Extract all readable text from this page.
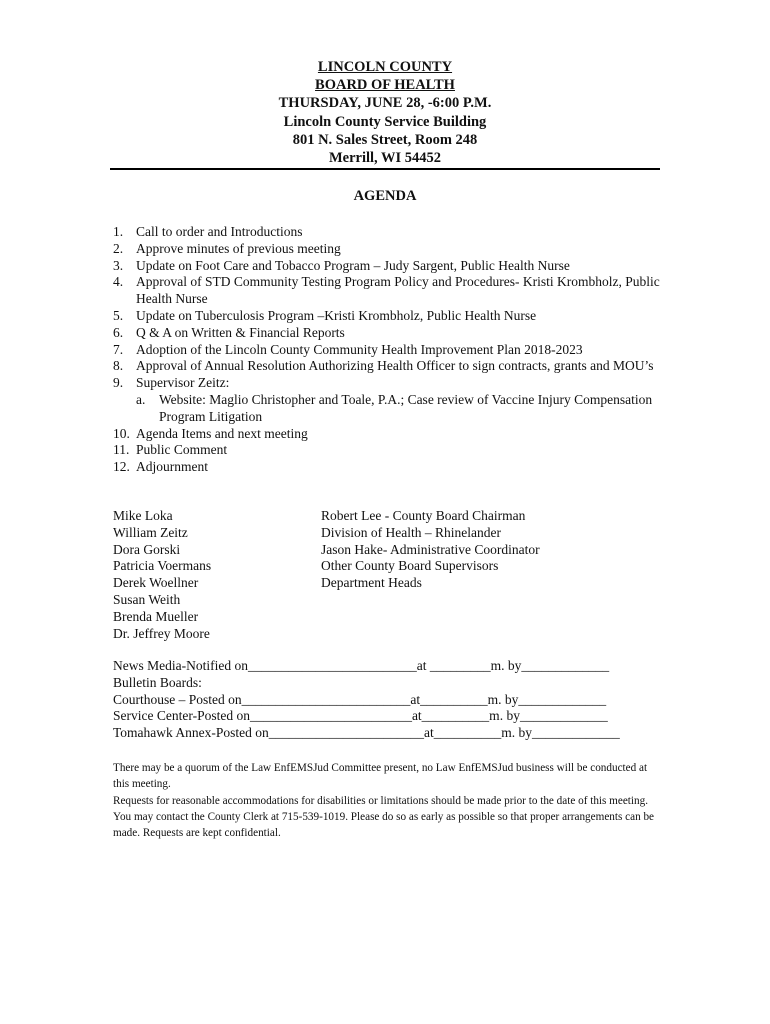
LINCOLN COUNTY
BOARD OF HEALTH
THURSDAY, JUNE 28, -6:00 P.M.
Lincoln County Service Building
801 N. Sales Street, Room 248
Merrill, WI 54452
AGENDA
1. Call to order and Introductions
2. Approve minutes of previous meeting
3. Update on Foot Care and Tobacco Program – Judy Sargent, Public Health Nurse
4. Approval of STD Community Testing Program Policy and Procedures- Kristi Krombholz, Public Health Nurse
5. Update on Tuberculosis Program –Kristi Krombholz, Public Health Nurse
6. Q & A on Written & Financial Reports
7. Adoption of the Lincoln County Community Health Improvement Plan 2018-2023
8. Approval of Annual Resolution Authorizing Health Officer to sign contracts, grants and MOU’s
9. Supervisor Zeitz:
a. Website: Maglio Christopher and Toale, P.A.; Case review of Vaccine Injury Compensation Program Litigation
10. Agenda Items and next meeting
11. Public Comment
12. Adjournment
Mike Loka
William Zeitz
Dora Gorski
Patricia Voermans
Derek Woellner
Susan Weith
Brenda Mueller
Dr. Jeffrey Moore
Robert Lee - County Board Chairman
Division of Health – Rhinelander
Jason Hake- Administrative Coordinator
Other County Board Supervisors
Department Heads
News Media-Notified on_________________________at _________m. by_____________
Bulletin Boards:
Courthouse – Posted on_________________________at__________m. by_____________
Service Center-Posted on________________________at__________m. by_____________
Tomahawk Annex-Posted on_______________________at__________m. by_____________

There may be a quorum of the Law EnfEMSJud Committee present, no Law EnfEMSJud business will be conducted at this meeting.

Requests for reasonable accommodations for disabilities or limitations should be made prior to the date of this meeting. You may contact the County Clerk at 715-539-1019. Please do so as early as possible so that proper arrangements can be made. Requests are kept confidential.
